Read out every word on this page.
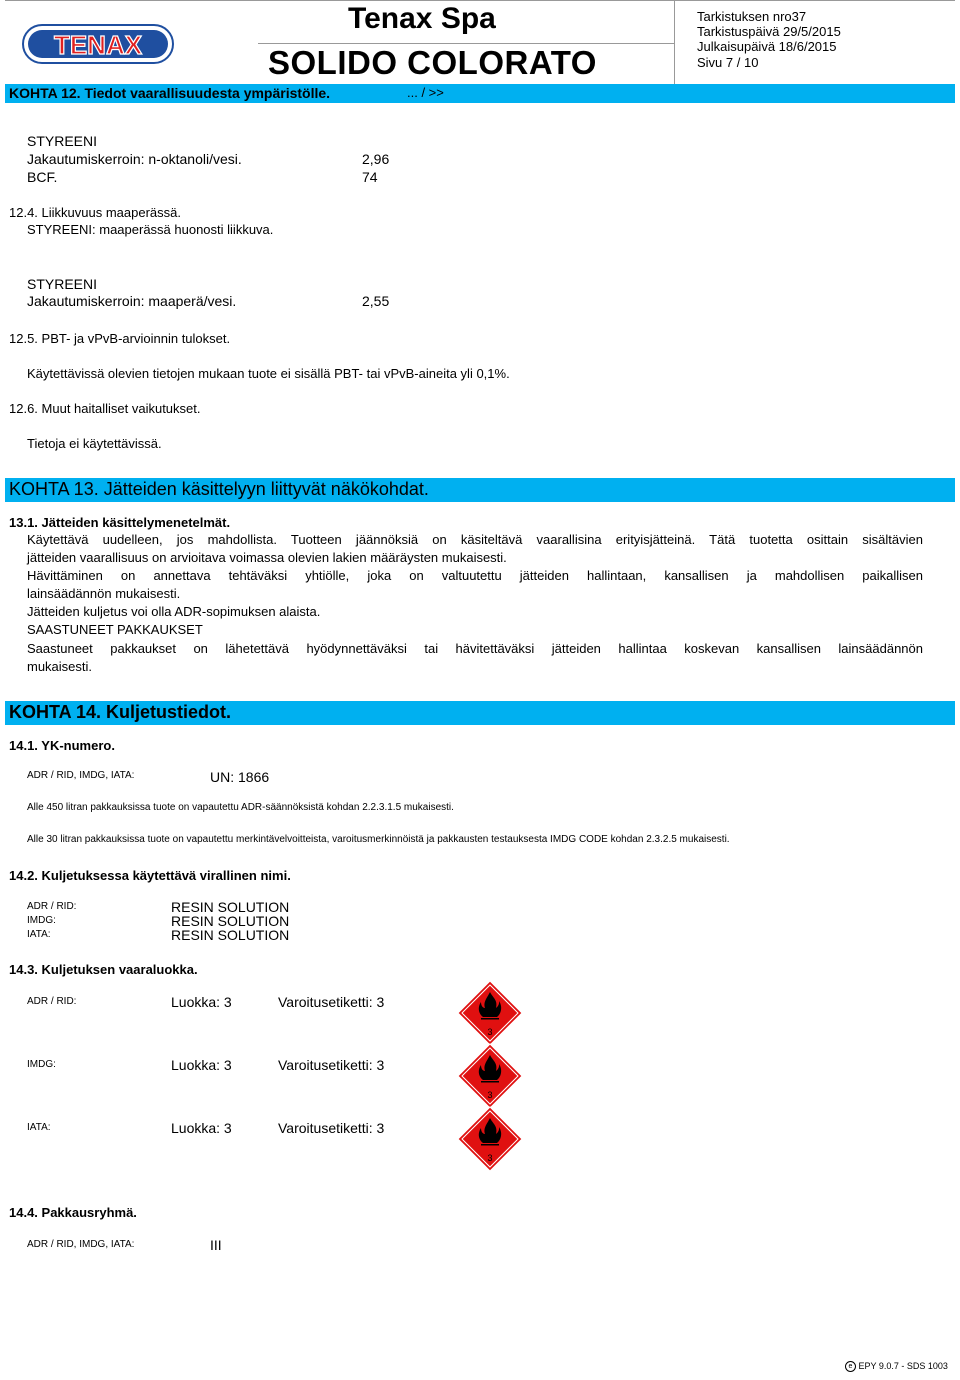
TENAX
Tenax Spa
SOLIDO COLORATO
Tarkistuksen nro37
Tarkistuspäivä 29/5/2015
Julkaisupäivä 18/6/2015
Sivu 7 / 10
KOHTA 12. Tiedot vaarallisuudesta ympäristölle.	... / >>
STYREENI
Jakautumiskerroin: n-oktanoli/vesi.	2,96
BCF.	74
12.4. Liikkuvuus maaperässä.
STYREENI: maaperässä huonosti liikkuva.
STYREENI
Jakautumiskerroin: maaperä/vesi.	2,55
12.5. PBT- ja vPvB-arvioinnin tulokset.
Käytettävissä olevien tietojen mukaan tuote ei sisällä PBT- tai vPvB-aineita yli 0,1%.
12.6. Muut haitalliset vaikutukset.
Tietoja ei käytettävissä.
KOHTA 13. Jätteiden käsittelyyn liittyvät näkökohdat.
13.1. Jätteiden käsittelymenetelmät.
Käytettävä uudelleen, jos mahdollista. Tuotteen jäännöksiä on käsiteltävä vaarallisina erityisjätteinä. Tätä tuotetta osittain sisältävien
jätteiden vaarallisuus on arvioitava voimassa olevien lakien määräysten mukaisesti.
Hävittäminen on annettava tehtäväksi yhtiölle, joka on valtuutettu jätteiden hallintaan, kansallisen ja mahdollisen paikallisen
lainsäädännön mukaisesti.
Jätteiden kuljetus voi olla ADR-sopimuksen alaista.
SAASTUNEET PAKKAUKSET
Saastuneet pakkaukset on lähetettävä hyödynnettäväksi tai hävitettäväksi jätteiden hallintaa koskevan kansallisen lainsäädännön
mukaisesti.
KOHTA 14. Kuljetustiedot.
14.1. YK-numero.
ADR / RID, IMDG, IATA:	UN: 1866
Alle 450 litran pakkauksissa tuote on vapautettu ADR-säännöksistä kohdan 2.2.3.1.5 mukaisesti.
Alle 30 litran pakkauksissa tuote on vapautettu merkintävelvoitteista, varoitusmerkinnöistä ja pakkausten testauksesta IMDG CODE kohdan 2.3.2.5 mukaisesti.
14.2. Kuljetuksessa käytettävä virallinen nimi.
ADR / RID:	RESIN SOLUTION
IMDG:	RESIN SOLUTION
IATA:	RESIN SOLUTION
14.3. Kuljetuksen vaaraluokka.
ADR / RID:	Luokka: 3	Varoitusetiketti: 3
IMDG:	Luokka: 3	Varoitusetiketti: 3
IATA:	Luokka: 3	Varoitusetiketti: 3
3
3
3
14.4. Pakkausryhmä.
ADR / RID, IMDG, IATA:	III
e EPY 9.0.7 - SDS 1003
